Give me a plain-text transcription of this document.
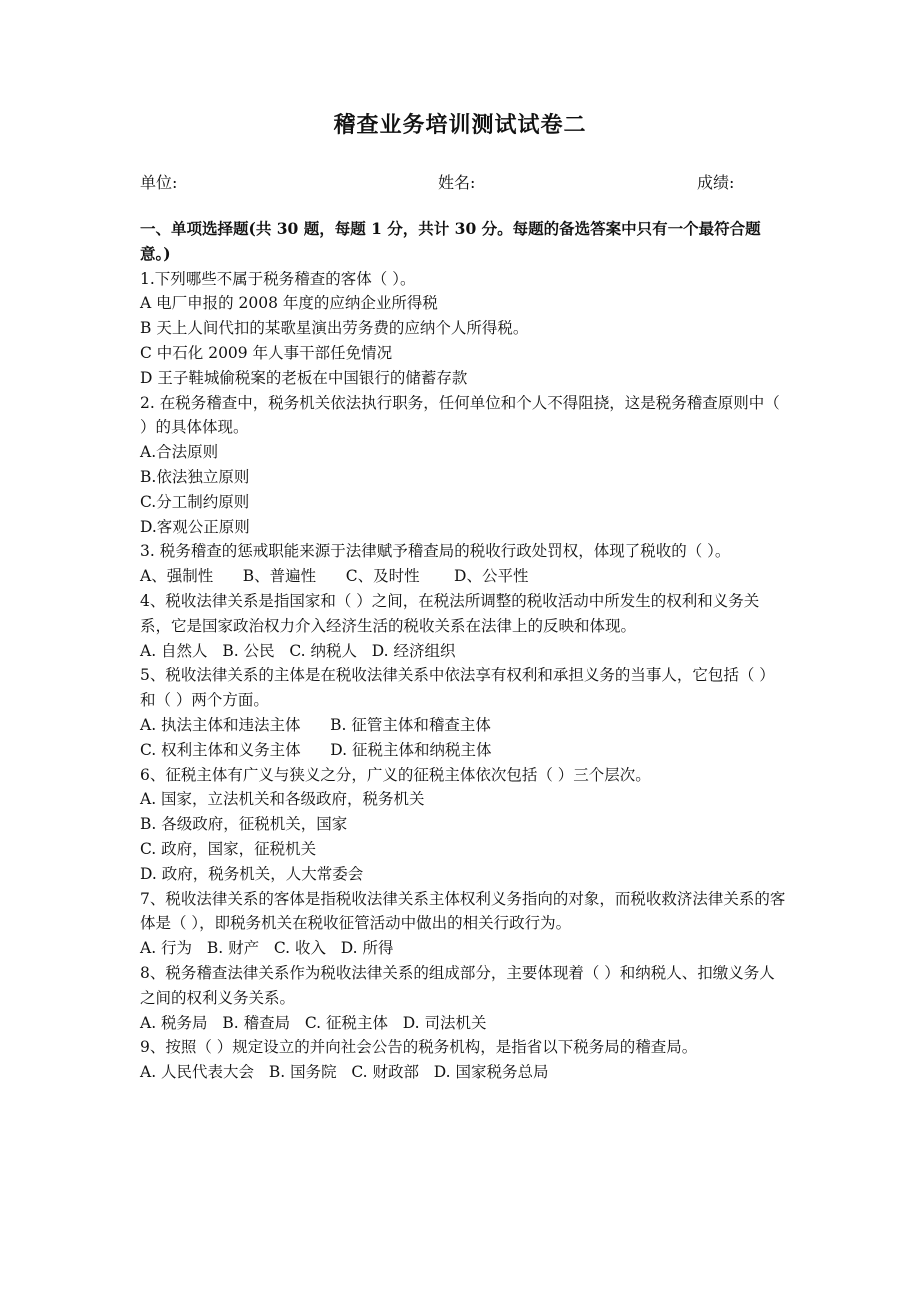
稽查业务培训测试试卷二
单位:	姓名:	成绩:
一、单项选择题(共 30 题，每题 1 分，共计 30 分。每题的备选答案中只有一个最符合题意。)
1.下列哪些不属于税务稽查的客体（ ）。
A 电厂申报的 2008 年度的应纳企业所得税
B 天上人间代扣的某歌星演出劳务费的应纳个人所得税。
C 中石化 2009 年人事干部任免情况
D 王子鞋城偷税案的老板在中国银行的储蓄存款
2. 在税务稽查中，税务机关依法执行职务，任何单位和个人不得阻挠，这是税务稽查原则中（ ）的具体体现。
A.合法原则
B.依法独立原则
C.分工制约原则
D.客观公正原则
3. 税务稽查的惩戒职能来源于法律赋予稽查局的税收行政处罚权，体现了税收的（ ）。
A、强制性      B、普遍性      C、及时性       D、公平性
4、税收法律关系是指国家和（ ）之间，在税法所调整的税收活动中所发生的权利和义务关系，它是国家政治权力介入经济生活的税收关系在法律上的反映和体现。
A. 自然人   B. 公民   C. 纳税人   D. 经济组织
5、税收法律关系的主体是在税收法律关系中依法享有权利和承担义务的当事人，它包括（ ）和（ ）两个方面。
A. 执法主体和违法主体      B. 征管主体和稽查主体
C. 权利主体和义务主体      D. 征税主体和纳税主体
6、征税主体有广义与狭义之分，广义的征税主体依次包括（ ）三个层次。
A. 国家，立法机关和各级政府，税务机关
B. 各级政府，征税机关，国家
C. 政府，国家，征税机关
D. 政府，税务机关，人大常委会
7、税收法律关系的客体是指税收法律关系主体权利义务指向的对象，而税收救济法律关系的客体是（ ），即税务机关在税收征管活动中做出的相关行政行为。
A. 行为   B. 财产   C. 收入   D. 所得
8、税务稽查法律关系作为税收法律关系的组成部分，主要体现着（ ）和纳税人、扣缴义务人之间的权利义务关系。
A. 税务局   B. 稽查局   C. 征税主体   D. 司法机关
9、按照（ ）规定设立的并向社会公告的税务机构，是指省以下税务局的稽查局。
A. 人民代表大会   B. 国务院   C. 财政部   D. 国家税务总局
